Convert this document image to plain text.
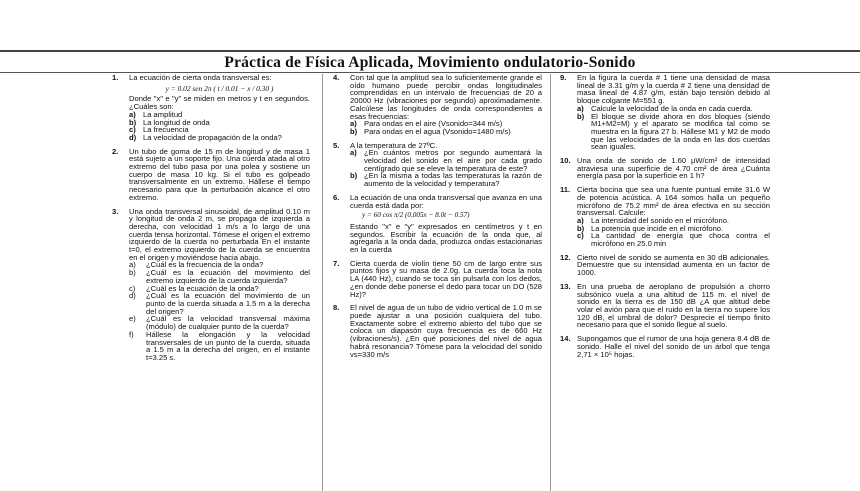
Práctica de Física Aplicada, Movimiento ondulatorio-Sonido
1. La ecuación de cierta onda transversal es:
y = 0.02 sen 2π ( t / 0.01 − x / 0.30 )
Donde "x" e "y" se miden en metros y t en segundos. ¿Cuáles son:
a) La amplitud
b) La longitud de onda
c) La frecuencia
d) La velocidad de propagación de la onda?
2. Un tubo de goma de 15 m de longitud y de masa 1 está sujeto a un soporte fijo. Una cuerda atada al otro extremo del tubo pasa por una polea y sostiene un cuerpo de masa 10 kg. Si el tubo es golpeado transversalmente en un extremo. Hállese el tiempo necesario para que la perturbación alcance el otro extremo.
3. Una onda transversal sinusoidal, de amplitud 0.10 m y longitud de onda 2 m, se propaga de izquierda a derecha, con velocidad 1 m/s a lo largo de una cuerda tensa horizontal. Tómese el origen el extremo izquierdo de la cuerda no perturbada En el instante t=0, el extremo izquierdo de la cuerda se encuentra en el origen y moviéndose hacia abajo.
a) ¿Cuál es la frecuencia de la onda?
b) ¿Cuál es la ecuación del movimiento del extremo izquierdo de la cuerda izquierda?
c) ¿Cuál es la ecuación de la onda?
d) ¿Cuál es la ecuación del movimiento de un punto de la cuerda situada a 1.5 m a la derecha del origen?
e) ¿Cuál es la velocidad transversal máxima (módulo) de cualquier punto de la cuerda?
f) Hállese la elongación y la velocidad transversales de un punto de la cuerda, situada a 1.5 m a la derecha del origen, en el instante t=3.25 s.
4. Con tal que la amplitud sea lo suficientemente grande el oído humano puede percibir ondas longitudinales comprendidas en un intervalo de frecuencias de 20 a 20000 Hz (vibraciones por segundo) aproximadamente. Calcúlese las longitudes de onda correspondientes a esas frecuencias:
a) Para ondas en el aire (Vsonido=344 m/s)
b) Para ondas en el agua (Vsonido=1480 m/s)
5. A la temperatura de 27ºC.
a) ¿En cuántos metros por segundo aumentará la velocidad del sonido en el aire por cada grado centígrado que se eleve la temperatura de este?
b) ¿En la misma a todas las temperaturas la razón de aumento de la velocidad y temperatura?
6. La ecuación de una onda transversal que avanza en una cuerda está dada por:
y = 60 cos π/2 (0,005x − 8.0t − 0.57)
Estando "x" e "y" expresados en centímetros y t en segundos. Escribir la ecuación de la onda que, al agregarla a la onda dada, produzca ondas estacionarias en la cuerda
7. Cierta cuerda de violín tiene 50 cm de largo entre sus puntos fijos y su masa de 2.0g. La cuerda toca la nota LA (440 Hz), cuando se toca sin pulsarla con los dedos, ¿en donde debe ponerse el dedo para tocar un DO (528 Hz)?
8. El nivel de agua de un tubo de vidrio vertical de 1.0 m se puede ajustar a una posición cualquiera del tubo. Exactamente sobre el extremo abierto del tubo que se coloca un diapasón cuya frecuencia es de 660 Hz (vibraciones/s). ¿En qué posiciones del nivel de agua habrá resonancia? Tómese para la velocidad del sonido vs=330 m/s
9. En la figura la cuerda # 1 tiene una densidad de masa lineal de 3.31 g/m y la cuerda # 2 tiene una densidad de masa lineal de 4.87 g/m, están bajo tensión debido al bloque colgante M=551 g.
a) Calcule la velocidad de la onda en cada cuerda.
b) El bloque se divide ahora en dos bloques (siendo M1+M2=M) y el aparato se modifica tal como se muestra en la figura 27 b. Hállese M1 y M2 de modo que las velocidades de la onda en las dos cuerdas sean iguales.
10. Una onda de sonido de 1.60 μW/cm² de intensidad atraviesa una superficie de 4.70 cm² de área ¿Cuánta energía pasa por la superficie en 1 h?
11. Cierta bocina que sea una fuente puntual emite 31.6 W de potencia acústica. A 164 somos halla un pequeño micrófono de 75.2 mm² de área efectiva en su sección transversal. Calcule:
a) La intensidad del sonido en el micrófono.
b) La potencia que incide en el micrófono.
c) La cantidad de energía que choca contra el micrófono en 25.0 min
12. Cierto nivel de sonido se aumenta en 30 dB adicionales. Demuestre que su intensidad aumenta en un factor de 1000.
13. En una prueba de aeroplano de propulsión a chorro subsónico vuela a una altitud de 115 m. el nivel de sonido en la tierra es de 150 dB ¿A que altitud debe volar el avión para que el ruido en la tierra no supere los 120 dB, el umbral de dolor? Desprecie el tiempo finito necesario para que el sonido llegue al suelo.
14. Supongamos que el rumor de una hoja genera 8.4 dB de sonido. Halle el nivel del sonido de un árbol que tenga 2,71 × 10⁵ hojas.
